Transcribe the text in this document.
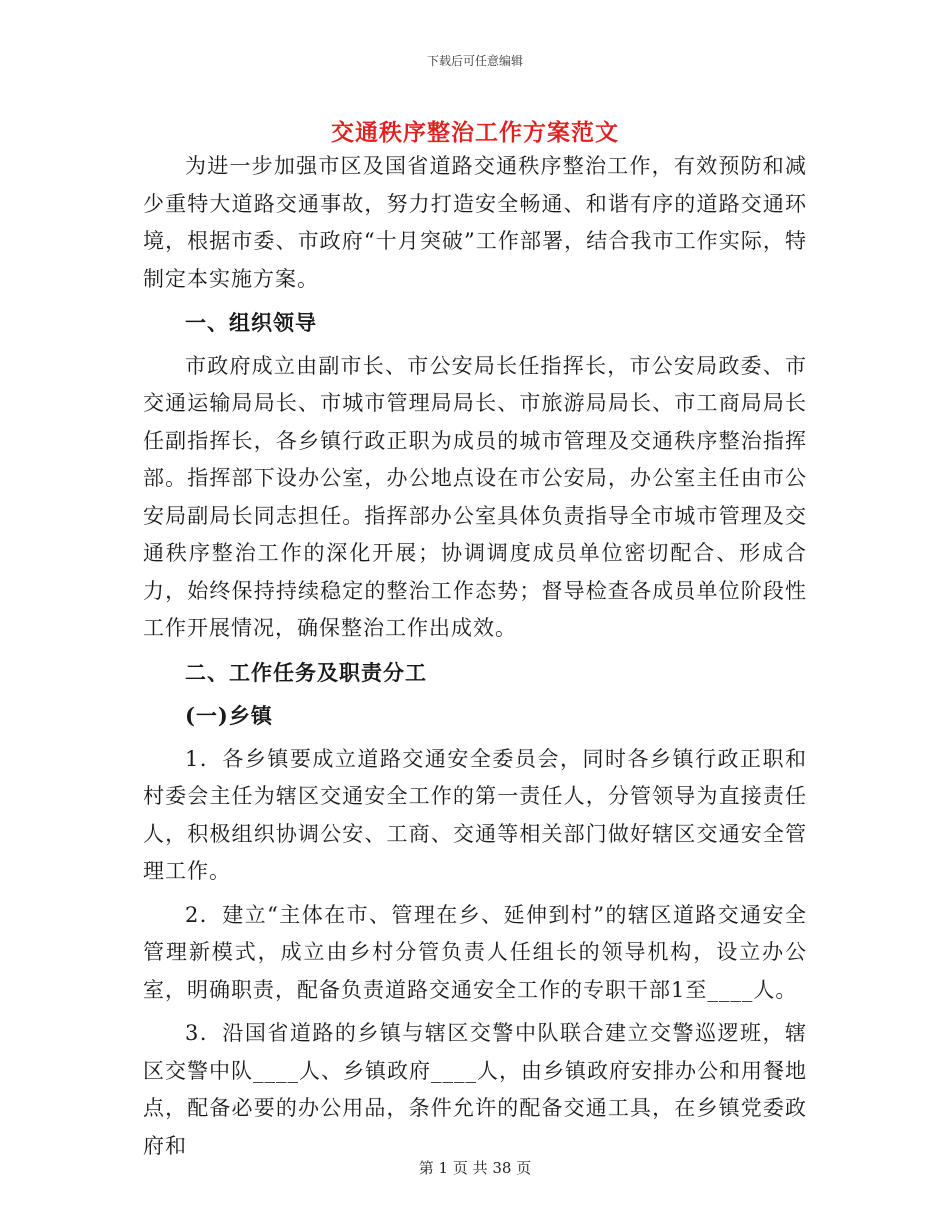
下载后可任意编辑
交通秩序整治工作方案范文

为进一步加强市区及国省道路交通秩序整治工作，有效预防和减少重特大道路交通事故，努力打造安全畅通、和谐有序的道路交通环境，根据市委、市政府“十月突破”工作部署，结合我市工作实际，特制定本实施方案。

一、组织领导

市政府成立由副市长、市公安局长任指挥长，市公安局政委、市交通运输局局长、市城市管理局局长、市旅游局局长、市工商局局长任副指挥长，各乡镇行政正职为成员的城市管理及交通秩序整治指挥部。指挥部下设办公室，办公地点设在市公安局，办公室主任由市公安局副局长同志担任。指挥部办公室具体负责指导全市城市管理及交通秩序整治工作的深化开展；协调调度成员单位密切配合、形成合力，始终保持持续稳定的整治工作态势；督导检查各成员单位阶段性工作开展情况，确保整治工作出成效。

二、工作任务及职责分工

(一)乡镇

1．各乡镇要成立道路交通安全委员会，同时各乡镇行政正职和村委会主任为辖区交通安全工作的第一责任人，分管领导为直接责任人，积极组织协调公安、工商、交通等相关部门做好辖区交通安全管理工作。

2．建立“主体在市、管理在乡、延伸到村”的辖区道路交通安全管理新模式，成立由乡村分管负责人任组长的领导机构，设立办公室，明确职责，配备负责道路交通安全工作的专职干部1至____人。

3．沿国省道路的乡镇与辖区交警中队联合建立交警巡逻班，辖区交警中队____人、乡镇政府____人，由乡镇政府安排办公和用餐地点，配备必要的办公用品，条件允许的配备交通工具，在乡镇党委政府和

第 1 页 共 38 页
